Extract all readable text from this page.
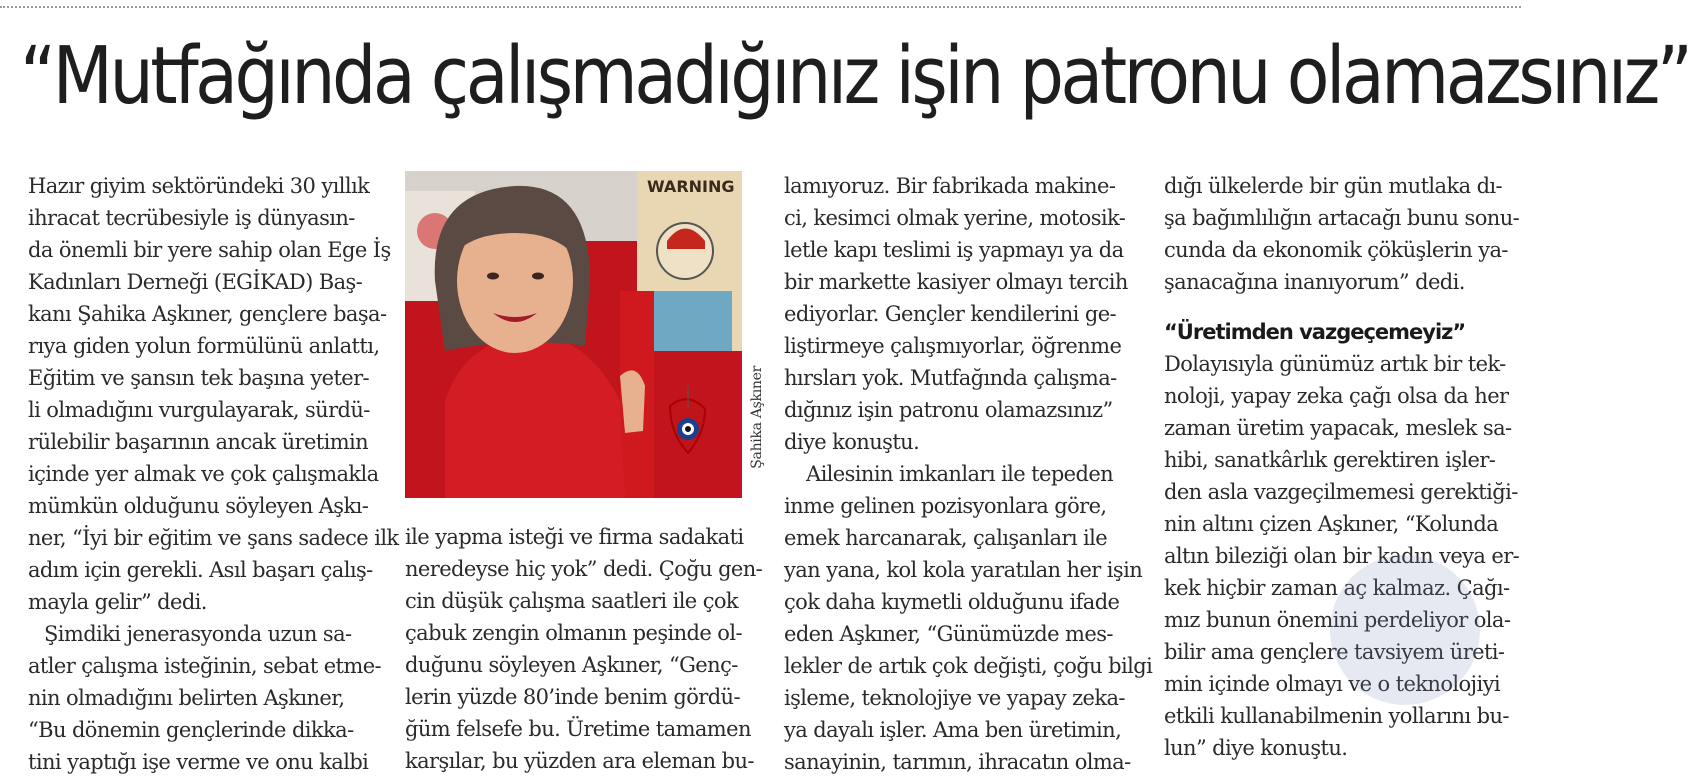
“Mutfağında çalışmadığınız işin patronu olamazsınız”

Hazır giyim sektöründeki 30 yıllık

ihracat tecrübesiyle iş dünyasın-

da önemli bir yere sahip olan Ege İş

Kadınları Derneği (EGİKAD) Baş-

kanı Şahika Aşkıner, gençlere başa-

rıya giden yolun formülünü anlattı,

Eğitim ve şansın tek başına yeter-

li olmadığını vurgulayarak, sürdü-

rülebilir başarının ancak üretimin

içinde yer almak ve çok çalışmakla

mümkün olduğunu söyleyen Aşkı-

ner, “İyi bir eğitim ve şans sadece ilk

adım için gerekli. Asıl başarı çalış-

mayla gelir” dedi.

Şimdiki jenerasyonda uzun sa-

atler çalışma isteğinin, sebat etme-

nin olmadığını belirten Aşkıner,

“Bu dönemin gençlerinde dikka-

tini yaptığı işe verme ve onu kalbi

WARNING
Şahika Aşkıner

ile yapma isteği ve firma sadakati

neredeyse hiç yok” dedi. Çoğu gen-

cin düşük çalışma saatleri ile çok

çabuk zengin olmanın peşinde ol-

duğunu söyleyen Aşkıner, “Genç-

lerin yüzde 80’inde benim gördü-

ğüm felsefe bu. Üretime tamamen

karşılar, bu yüzden ara eleman bu-

lamıyoruz. Bir fabrikada makine-

ci, kesimci olmak yerine, motosik-

letle kapı teslimi iş yapmayı ya da

bir markette kasiyer olmayı tercih

ediyorlar. Gençler kendilerini ge-

liştirmeye çalışmıyorlar, öğrenme

hırsları yok. Mutfağında çalışma-

dığınız işin patronu olamazsınız”

diye konuştu.

Ailesinin imkanları ile tepeden

inme gelinen pozisyonlara göre,

emek harcanarak, çalışanları ile

yan yana, kol kola yaratılan her işin

çok daha kıymetli olduğunu ifade

eden Aşkıner, “Günümüzde mes-

lekler de artık çok değişti, çoğu bilgi

işleme, teknolojiye ve yapay zeka-

ya dayalı işler. Ama ben üretimin,

sanayinin, tarımın, ihracatın olma-

dığı ülkelerde bir gün mutlaka dı-

şa bağımlılığın artacağı bunu sonu-

cunda da ekonomik çöküşlerin ya-

şanacağına inanıyorum” dedi.

“Üretimden vazgeçemeyiz”

Dolayısıyla günümüz artık bir tek-

noloji, yapay zeka çağı olsa da her

zaman üretim yapacak, meslek sa-

hibi, sanatkârlık gerektiren işler-

den asla vazgeçilmemesi gerektiği-

nin altını çizen Aşkıner, “Kolunda

altın bileziği olan bir kadın veya er-

kek hiçbir zaman aç kalmaz. Çağı-

mız bunun önemini perdeliyor ola-

bilir ama gençlere tavsiyem üreti-

min içinde olmayı ve o teknolojiyi

etkili kullanabilmenin yollarını bu-

lun” diye konuştu.
